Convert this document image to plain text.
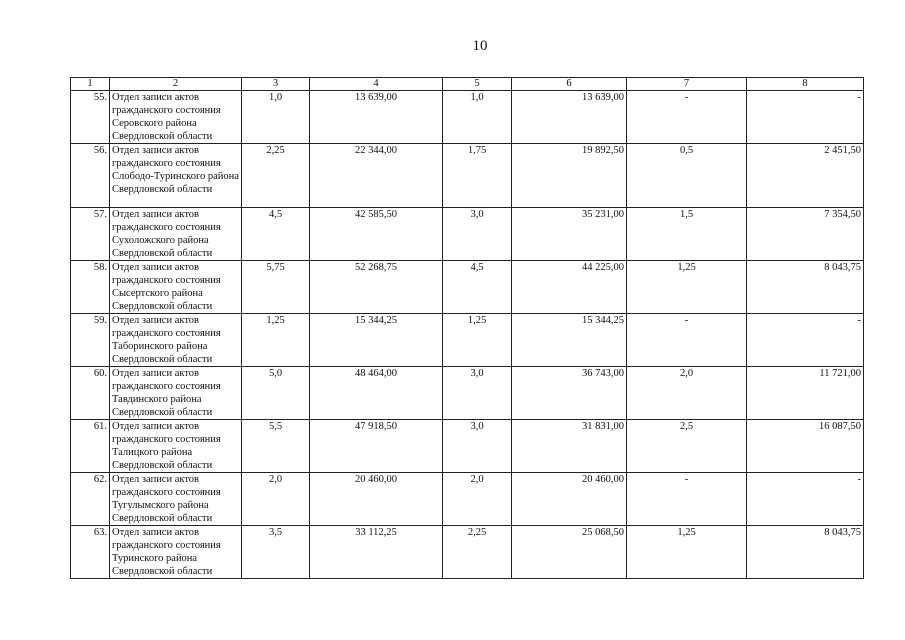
10
1	2	3	4	5	6	7	8
55.	Отдел записи актов гражданского состояния Серовского района Свердловской области	1,0	13 639,00	1,0	13 639,00	-	-
56.	Отдел записи актов гражданского состояния Слободо-Туринского района Свердловской области	2,25	22 344,00	1,75	19 892,50	0,5	2 451,50
57.	Отдел записи актов гражданского состояния Сухоложского района Свердловской области	4,5	42 585,50	3,0	35 231,00	1,5	7 354,50
58.	Отдел записи актов гражданского состояния Сысертского района Свердловской области	5,75	52 268,75	4,5	44 225,00	1,25	8 043,75
59.	Отдел записи актов гражданского состояния Таборинского района Свердловской области	1,25	15 344,25	1,25	15 344,25	-	-
60.	Отдел записи актов гражданского состояния Тавдинского района Свердловской области	5,0	48 464,00	3,0	36 743,00	2,0	11 721,00
61.	Отдел записи актов гражданского состояния Талицкого района Свердловской области	5,5	47 918,50	3,0	31 831,00	2,5	16 087,50
62.	Отдел записи актов гражданского состояния Тугулымского района Свердловской области	2,0	20 460,00	2,0	20 460,00	-	-
63.	Отдел записи актов гражданского состояния Туринского района Свердловской области	3,5	33 112,25	2,25	25 068,50	1,25	8 043,75
